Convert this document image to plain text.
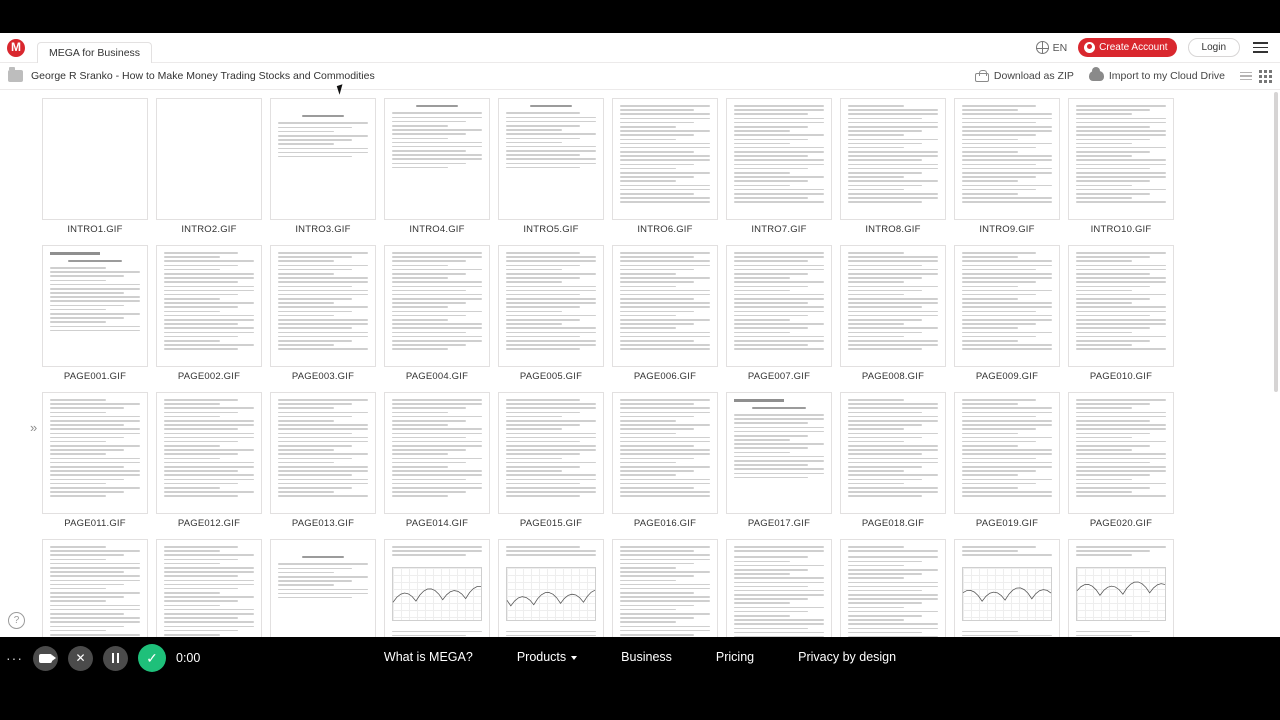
M
MEGA for Business	EN	Create Account	Login
George R Sranko - How to Make Money Trading Stocks and Commodities	Download as ZIP	Import to my Cloud Drive
»
INTRO1.GIF	INTRO2.GIF	INTRO3.GIF	INTRO4.GIF	INTRO5.GIF	INTRO6.GIF	INTRO7.GIF	INTRO8.GIF	INTRO9.GIF	INTRO10.GIF
PAGE001.GIF	PAGE002.GIF	PAGE003.GIF	PAGE004.GIF	PAGE005.GIF	PAGE006.GIF	PAGE007.GIF	PAGE008.GIF	PAGE009.GIF	PAGE010.GIF
PAGE011.GIF	PAGE012.GIF	PAGE013.GIF	PAGE014.GIF	PAGE015.GIF	PAGE016.GIF	PAGE017.GIF	PAGE018.GIF	PAGE019.GIF	PAGE020.GIF
?
What is MEGA?	Products	Business	Pricing	Privacy by design
···	✕	✓	0:00
